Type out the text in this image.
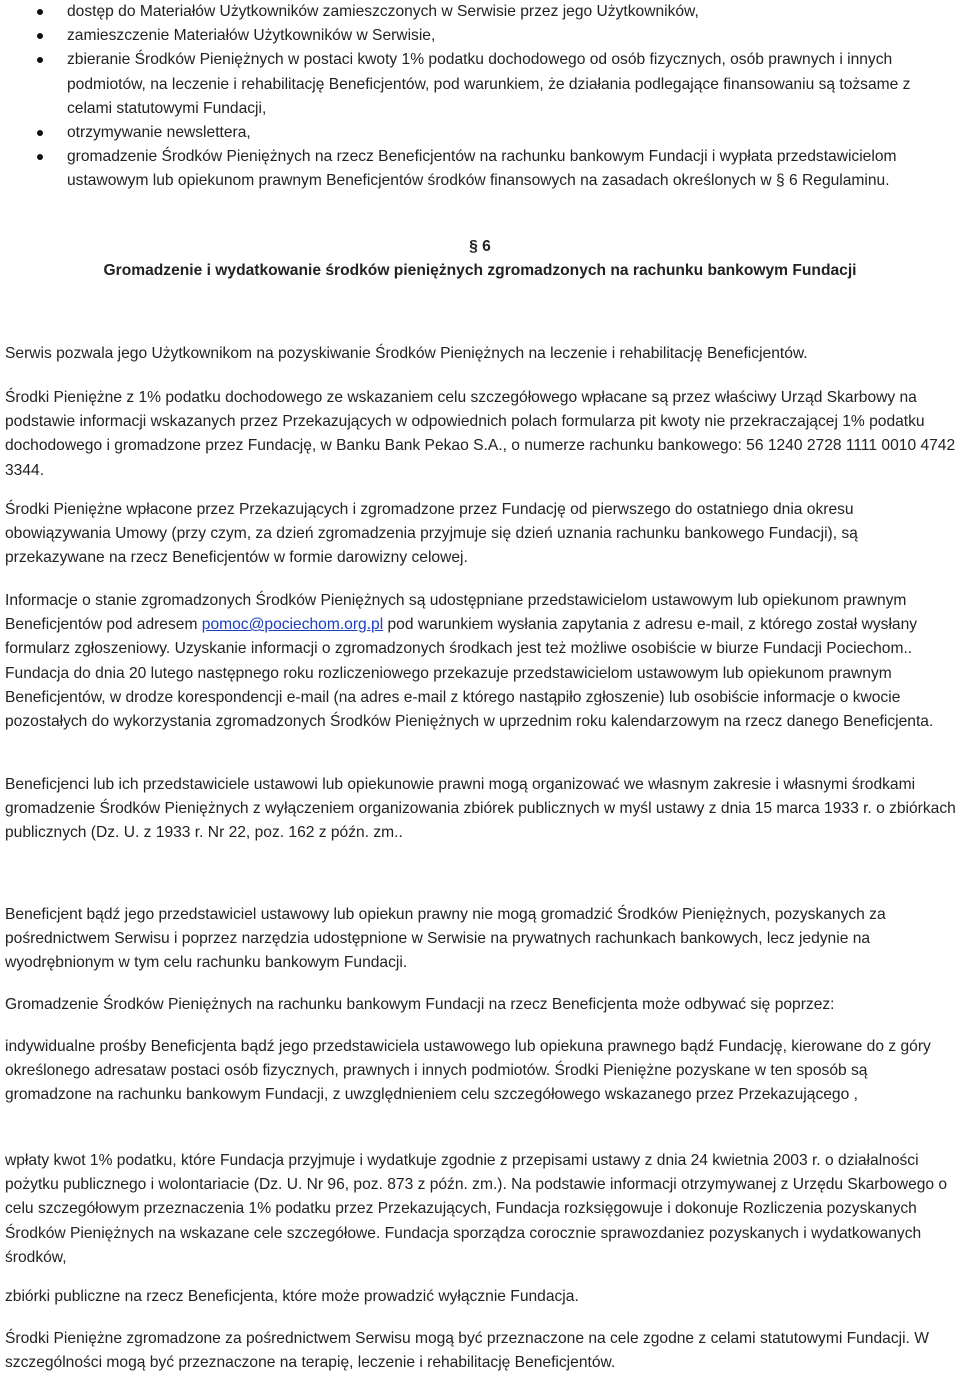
dostęp do Materiałów Użytkowników zamieszczonych w Serwisie przez jego Użytkowników,
zamieszczenie Materiałów Użytkowników w Serwisie,
zbieranie Środków Pieniężnych w postaci kwoty 1% podatku dochodowego od osób fizycznych, osób prawnych i innych podmiotów, na leczenie i rehabilitację Beneficjentów, pod warunkiem, że działania podlegające finansowaniu są tożsame z celami statutowymi Fundacji,
otrzymywanie newslettera,
gromadzenie Środków Pieniężnych na rzecz Beneficjentów na rachunku bankowym Fundacji i wypłata przedstawicielom ustawowym lub opiekunom prawnym Beneficjentów środków finansowych na zasadach określonych w § 6 Regulaminu.
§ 6
Gromadzenie i wydatkowanie środków pieniężnych zgromadzonych na rachunku bankowym Fundacji

Serwis pozwala jego Użytkownikom na pozyskiwanie Środków Pieniężnych na leczenie i rehabilitację Beneficjentów.

Środki Pieniężne z 1% podatku dochodowego ze wskazaniem celu szczegółowego wpłacane są przez właściwy Urząd Skarbowy na podstawie informacji wskazanych przez Przekazujących w odpowiednich polach formularza pit kwoty nie przekraczającej 1% podatku dochodowego i gromadzone przez Fundację, w Banku Bank Pekao S.A., o numerze rachunku bankowego: 56 1240 2728 1111 0010 4742 3344.

Środki Pieniężne wpłacone przez Przekazujących i zgromadzone przez Fundację od pierwszego do ostatniego dnia okresu obowiązywania Umowy (przy czym, za dzień zgromadzenia przyjmuje się dzień uznania rachunku bankowego Fundacji), są przekazywane na rzecz Beneficjentów w formie darowizny celowej.

Informacje o stanie zgromadzonych Środków Pieniężnych są udostępniane przedstawicielom ustawowym lub opiekunom prawnym Beneficjentów pod adresem pomoc@pociechom.org.pl pod warunkiem wysłania zapytania z adresu e-mail, z którego został wysłany formularz zgłoszeniowy. Uzyskanie informacji o zgromadzonych środkach jest też możliwe osobiście w biurze Fundacji Pociechom.. Fundacja do dnia 20 lutego następnego roku rozliczeniowego przekazuje przedstawicielom ustawowym lub opiekunom prawnym Beneficjentów, w drodze korespondencji e-mail (na adres e-mail z którego nastąpiło zgłoszenie) lub osobiście informacje o kwocie pozostałych do wykorzystania zgromadzonych Środków Pieniężnych w uprzednim roku kalendarzowym na rzecz danego Beneficjenta.

Beneficjenci lub ich przedstawiciele ustawowi lub opiekunowie prawni mogą organizować we własnym zakresie i własnymi środkami gromadzenie Środków Pieniężnych z wyłączeniem organizowania zbiórek publicznych w myśl ustawy z dnia 15 marca 1933 r. o zbiórkach publicznych (Dz. U. z 1933 r. Nr 22, poz. 162 z późn. zm..

Beneficjent bądź jego przedstawiciel ustawowy lub opiekun prawny nie mogą gromadzić Środków Pieniężnych, pozyskanych za pośrednictwem Serwisu i poprzez narzędzia udostępnione w Serwisie na prywatnych rachunkach bankowych, lecz jedynie na wyodrębnionym w tym celu rachunku bankowym Fundacji.

Gromadzenie Środków Pieniężnych na rachunku bankowym Fundacji na rzecz Beneficjenta może odbywać się poprzez:

indywidualne prośby Beneficjenta bądź jego przedstawiciela ustawowego lub opiekuna prawnego bądź Fundację, kierowane do z góry określonego adresataw postaci osób fizycznych, prawnych i innych podmiotów. Środki Pieniężne pozyskane w ten sposób są gromadzone na rachunku bankowym Fundacji, z uwzględnieniem celu szczegółowego wskazanego przez Przekazującego ,

wpłaty kwot 1% podatku, które Fundacja przyjmuje i wydatkuje zgodnie z przepisami ustawy z dnia 24 kwietnia 2003 r. o działalności pożytku publicznego i wolontariacie (Dz. U. Nr 96, poz. 873 z późn. zm.). Na podstawie informacji otrzymywanej z Urzędu Skarbowego o celu szczegółowym przeznaczenia 1% podatku przez Przekazujących, Fundacja rozksięgowuje i dokonuje Rozliczenia pozyskanych Środków Pieniężnych na wskazane cele szczegółowe. Fundacja sporządza corocznie sprawozdaniez pozyskanych i wydatkowanych środków,

zbiórki publiczne na rzecz Beneficjenta, które może prowadzić wyłącznie Fundacja.

Środki Pieniężne zgromadzone za pośrednictwem Serwisu mogą być przeznaczone na cele zgodne z celami statutowymi Fundacji. W szczególności mogą być przeznaczone na terapię, leczenie i rehabilitację Beneficjentów.
